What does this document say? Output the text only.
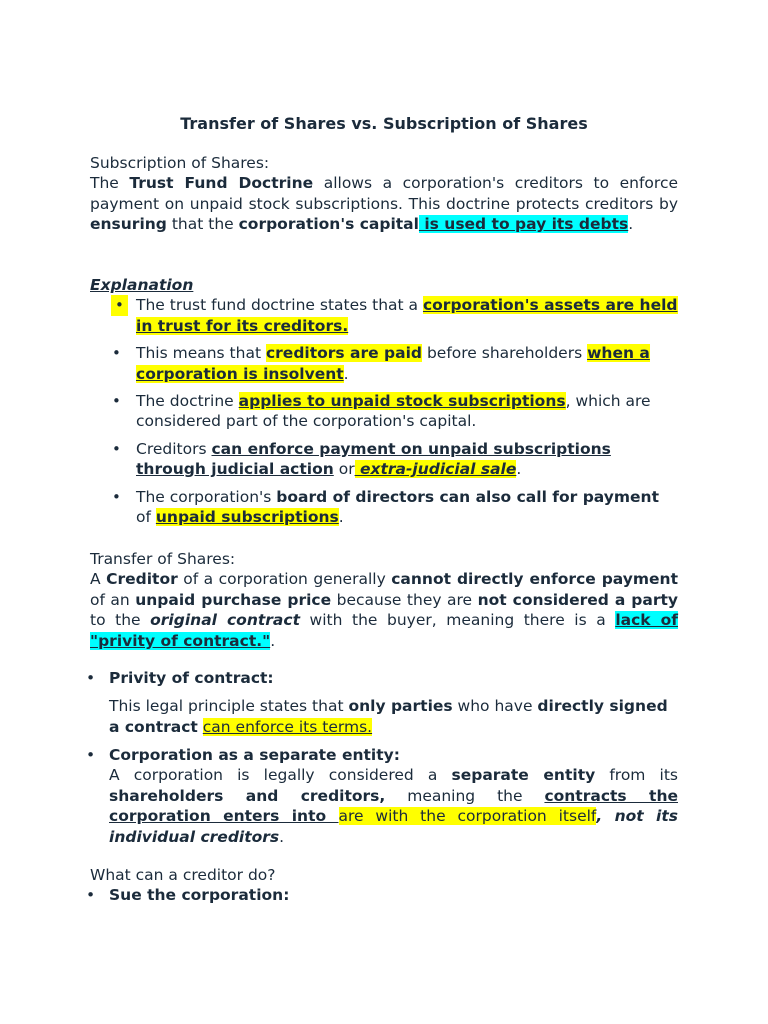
Transfer of Shares vs. Subscription of Shares
Subscription of Shares:
The Trust Fund Doctrine allows a corporation's creditors to enforce payment on unpaid stock subscriptions. This doctrine protects creditors by ensuring that the corporation's capital is used to pay its debts.
Explanation
• The trust fund doctrine states that a corporation's assets are held in trust for its creditors.
• This means that creditors are paid before shareholders when a corporation is insolvent.
• The doctrine applies to unpaid stock subscriptions, which are considered part of the corporation's capital.
• Creditors can enforce payment on unpaid subscriptions through judicial action or extra-judicial sale.
• The corporation's board of directors can also call for payment of unpaid subscriptions.
Transfer of Shares:
A Creditor of a corporation generally cannot directly enforce payment of an unpaid purchase price because they are not considered a party to the original contract with the buyer, meaning there is a lack of "privity of contract.".
• Privity of contract:
This legal principle states that only parties who have directly signed a contract can enforce its terms.
• Corporation as a separate entity:
A corporation is legally considered a separate entity from its shareholders and creditors, meaning the contracts the corporation enters into are with the corporation itself, not its individual creditors.
What can a creditor do?
• Sue the corporation:
